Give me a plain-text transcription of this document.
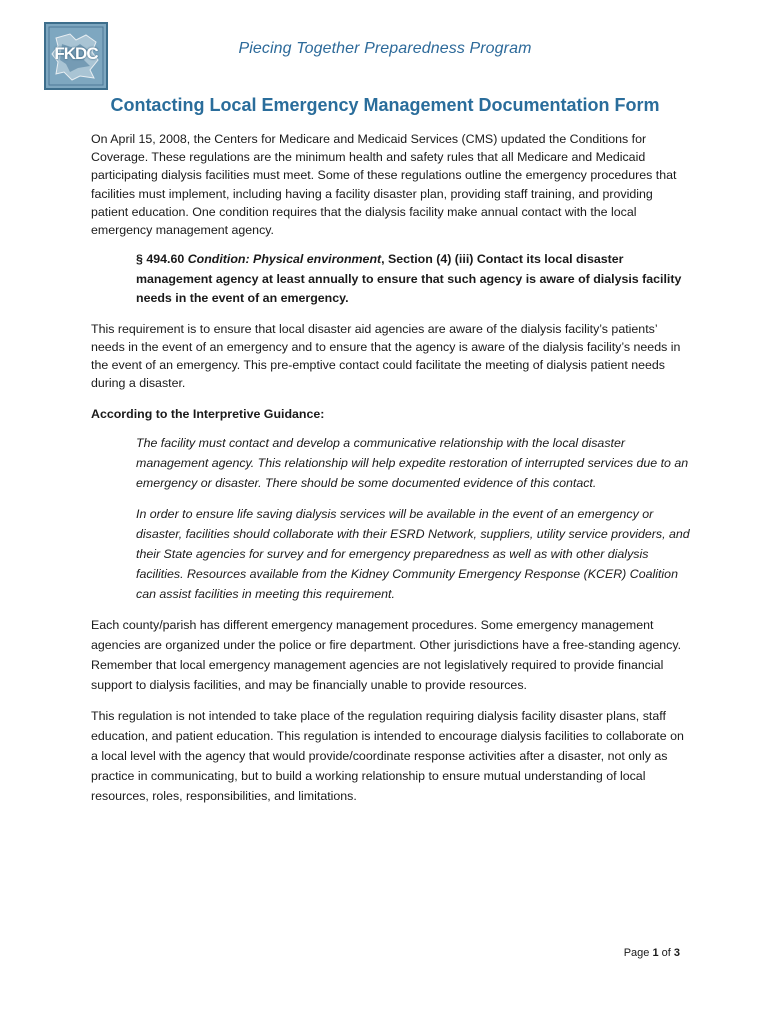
FKDC	Piecing Together Preparedness Program
Contacting Local Emergency Management Documentation Form

On April 15, 2008, the Centers for Medicare and Medicaid Services (CMS) updated the Conditions for Coverage. These regulations are the minimum health and safety rules that all Medicare and Medicaid participating dialysis facilities must meet. Some of these regulations outline the emergency procedures that facilities must implement, including having a facility disaster plan, providing staff training, and providing patient education. One condition requires that the dialysis facility make annual contact with the local emergency management agency.

§ 494.60 Condition: Physical environment, Section (4) (iii) Contact its local disaster management agency at least annually to ensure that such agency is aware of dialysis facility needs in the event of an emergency.

This requirement is to ensure that local disaster aid agencies are aware of the dialysis facility’s patients’ needs in the event of an emergency and to ensure that the agency is aware of the dialysis facility’s needs in the event of an emergency. This pre-emptive contact could facilitate the meeting of dialysis patient needs during a disaster.

According to the Interpretive Guidance:

The facility must contact and develop a communicative relationship with the local disaster management agency. This relationship will help expedite restoration of interrupted services due to an emergency or disaster. There should be some documented evidence of this contact.

In order to ensure life saving dialysis services will be available in the event of an emergency or disaster, facilities should collaborate with their ESRD Network, suppliers, utility service providers, and their State agencies for survey and for emergency preparedness as well as with other dialysis facilities. Resources available from the Kidney Community Emergency Response (KCER) Coalition can assist facilities in meeting this requirement.

Each county/parish has different emergency management procedures. Some emergency management agencies are organized under the police or fire department. Other jurisdictions have a free-standing agency. Remember that local emergency management agencies are not legislatively required to provide financial support to dialysis facilities, and may be financially unable to provide resources.

This regulation is not intended to take place of the regulation requiring dialysis facility disaster plans, staff education, and patient education. This regulation is intended to encourage dialysis facilities to collaborate on a local level with the agency that would provide/coordinate response activities after a disaster, not only as practice in communicating, but to build a working relationship to ensure mutual understanding of local resources, roles, responsibilities, and limitations.

Page 1 of 3
